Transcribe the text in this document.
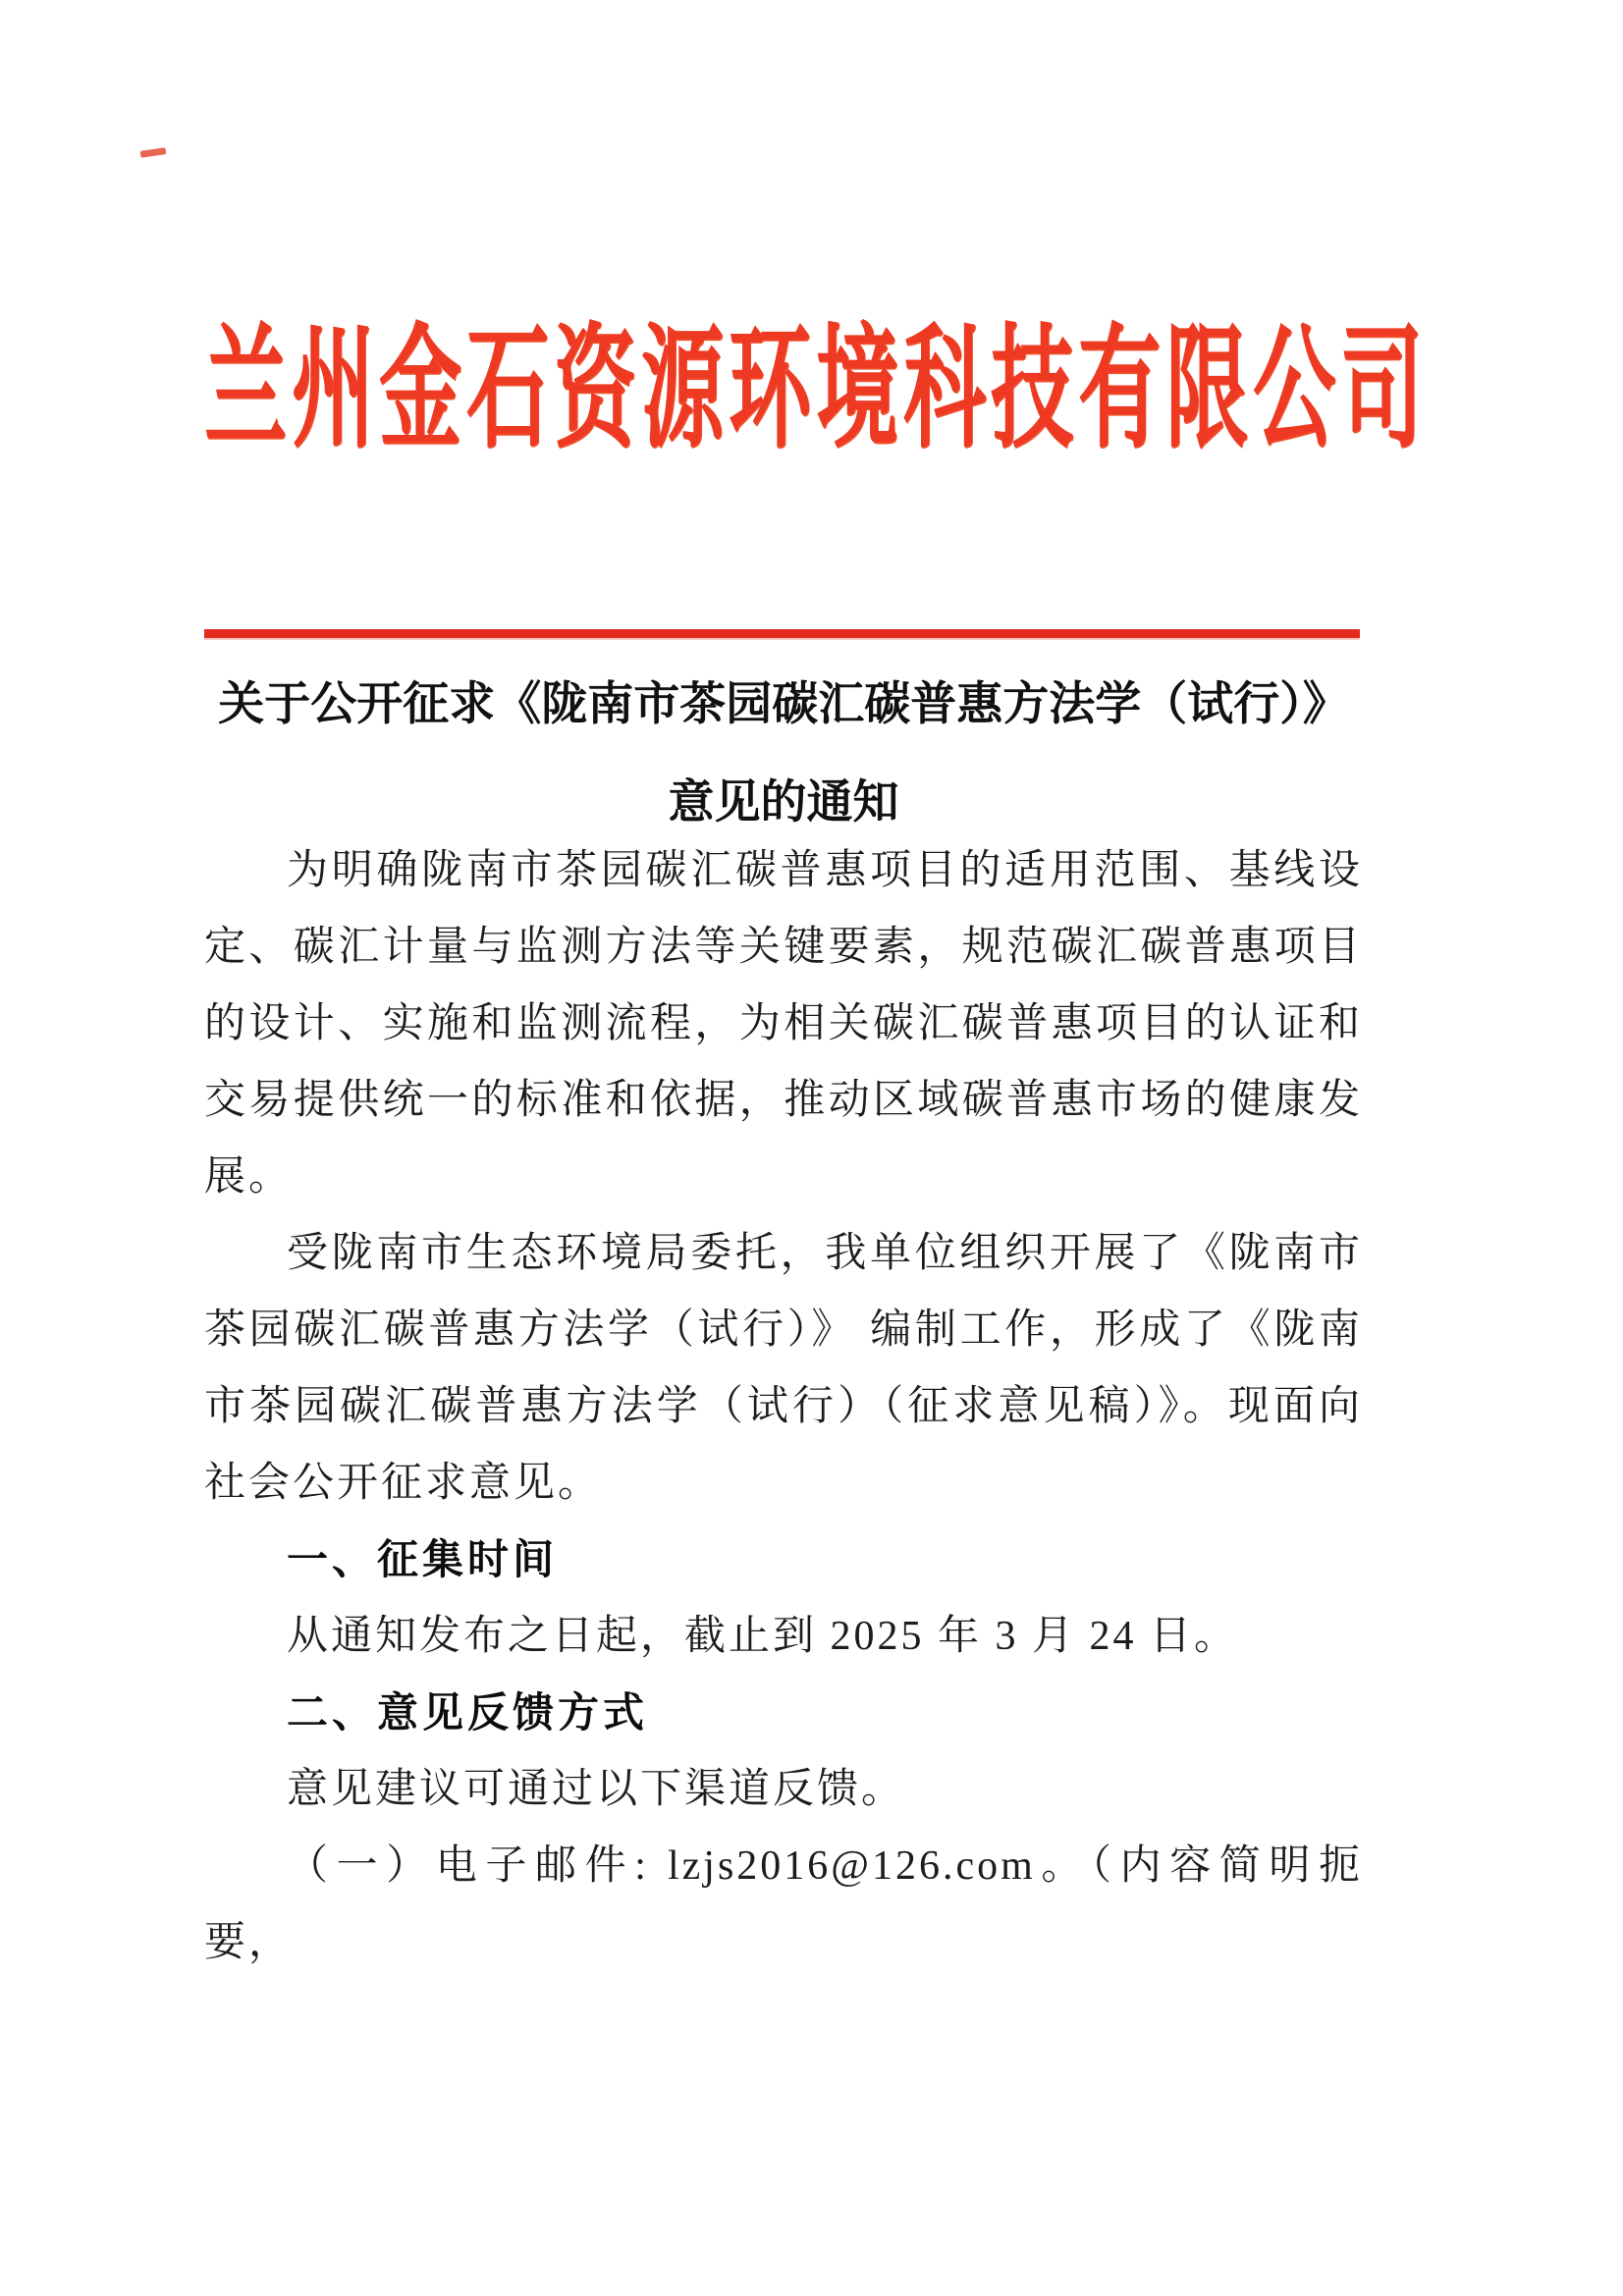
兰州金石资源环境科技有限公司
关于公开征求《陇南市茶园碳汇碳普惠方法学（试行）》
意见的通知

为明确陇南市茶园碳汇碳普惠项目的适用范围、基线设定、碳汇计量与监测方法等关键要素，规范碳汇碳普惠项目的设计、实施和监测流程，为相关碳汇碳普惠项目的认证和交易提供统一的标准和依据，推动区域碳普惠市场的健康发展。

受陇南市生态环境局委托，我单位组织开展了《陇南市茶园碳汇碳普惠方法学（试行）》 编制工作，形成了《陇南市茶园碳汇碳普惠方法学（试行）（征求意见稿）》。现面向社会公开征求意见。

一、征集时间

从通知发布之日起，截止到 2025 年 3 月 24 日。

二、意见反馈方式

意见建议可通过以下渠道反馈。

（一）电子邮件: lzjs2016@126.com。（内容简明扼要，
